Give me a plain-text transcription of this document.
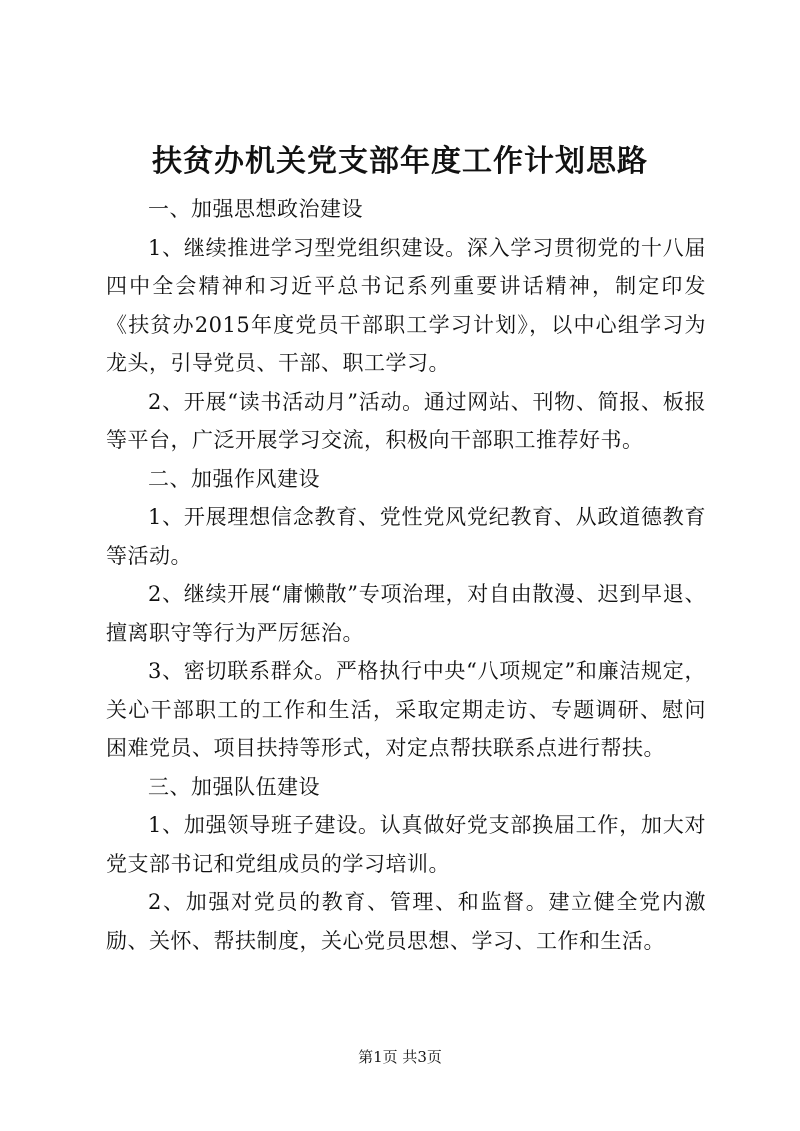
扶贫办机关党支部年度工作计划思路

一、加强思想政治建设

1、继续推进学习型党组织建设。深入学习贯彻党的十八届四中全会精神和习近平总书记系列重要讲话精神，制定印发《扶贫办2015年度党员干部职工学习计划》，以中心组学习为龙头，引导党员、干部、职工学习。

2、开展“读书活动月”活动。通过网站、刊物、简报、板报等平台，广泛开展学习交流，积极向干部职工推荐好书。

二、加强作风建设

1、开展理想信念教育、党性党风党纪教育、从政道德教育等活动。

2、继续开展“庸懒散”专项治理，对自由散漫、迟到早退、擅离职守等行为严厉惩治。

3、密切联系群众。严格执行中央“八项规定”和廉洁规定，关心干部职工的工作和生活，采取定期走访、专题调研、慰问困难党员、项目扶持等形式，对定点帮扶联系点进行帮扶。

三、加强队伍建设

1、加强领导班子建设。认真做好党支部换届工作，加大对党支部书记和党组成员的学习培训。

2、加强对党员的教育、管理、和监督。建立健全党内激励、关怀、帮扶制度，关心党员思想、学习、工作和生活。

第1页 共3页
